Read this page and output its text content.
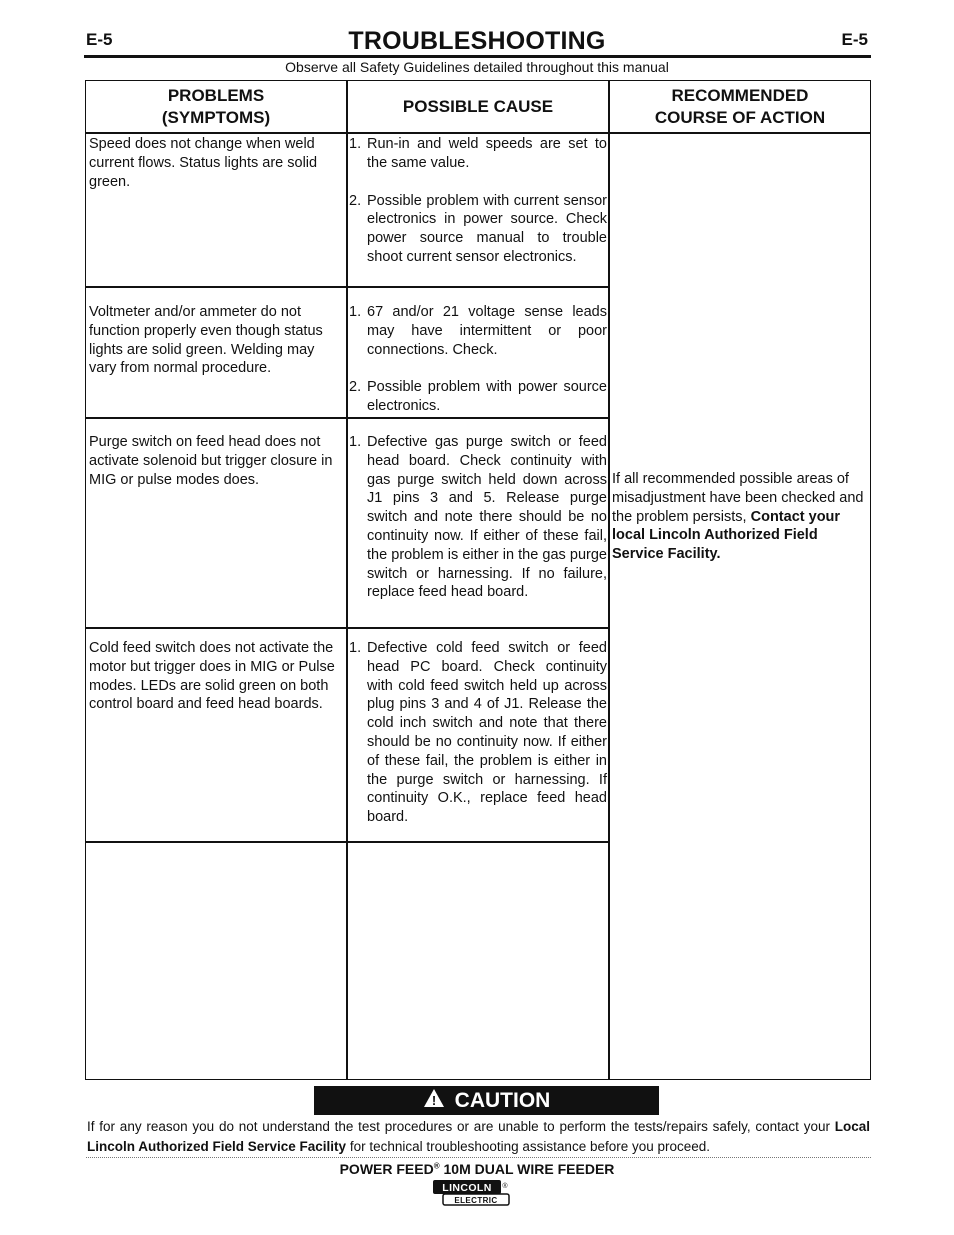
E-5	TROUBLESHOOTING	E-5
Observe all Safety Guidelines detailed throughout this manual
PROBLEMS
(SYMPTOMS)
POSSIBLE CAUSE
RECOMMENDED
COURSE OF ACTION
Speed does not change when weld current flows. Status lights are solid green.
1. Run-in and weld speeds are set to the same value.
2. Possible problem with current sensor electronics in power source. Check power source manual to trouble shoot current sensor electronics.
Voltmeter and/or ammeter do not function properly even though status lights are solid green. Welding may vary from normal procedure.
1. 67 and/or 21 voltage sense leads may have intermittent or poor connections. Check.
2. Possible problem with power source electronics.
Purge switch on feed head does not activate solenoid but trigger closure in MIG or pulse modes does.
1. Defective gas purge switch or feed head board. Check continuity with gas purge switch held down across J1 pins 3 and 5. Release purge switch and note there should be no continuity now. If either of these fail, the problem is either in the gas purge switch or harnessing. If no failure, replace feed head board.
Cold feed switch does not activate the motor but trigger does in MIG or Pulse modes. LEDs are solid green on both control board and feed head boards.
1. Defective cold feed switch or feed head PC board. Check continuity with cold feed switch held up across plug pins 3 and 4 of J1. Release the cold inch switch and note that there should be no continuity now. If either of these fail, the problem is either in the purge switch or harnessing. If continuity O.K., replace feed head board.
If all recommended possible areas of misadjustment have been checked and the problem persists, Contact your local Lincoln Authorized Field Service Facility.
! CAUTION
If for any reason you do not understand the test procedures or are unable to perform the tests/repairs safely, contact your Local Lincoln Authorized Field Service Facility for technical troubleshooting assistance before you proceed.
POWER FEED® 10M DUAL WIRE FEEDER
LINCOLN
ELECTRIC
®
